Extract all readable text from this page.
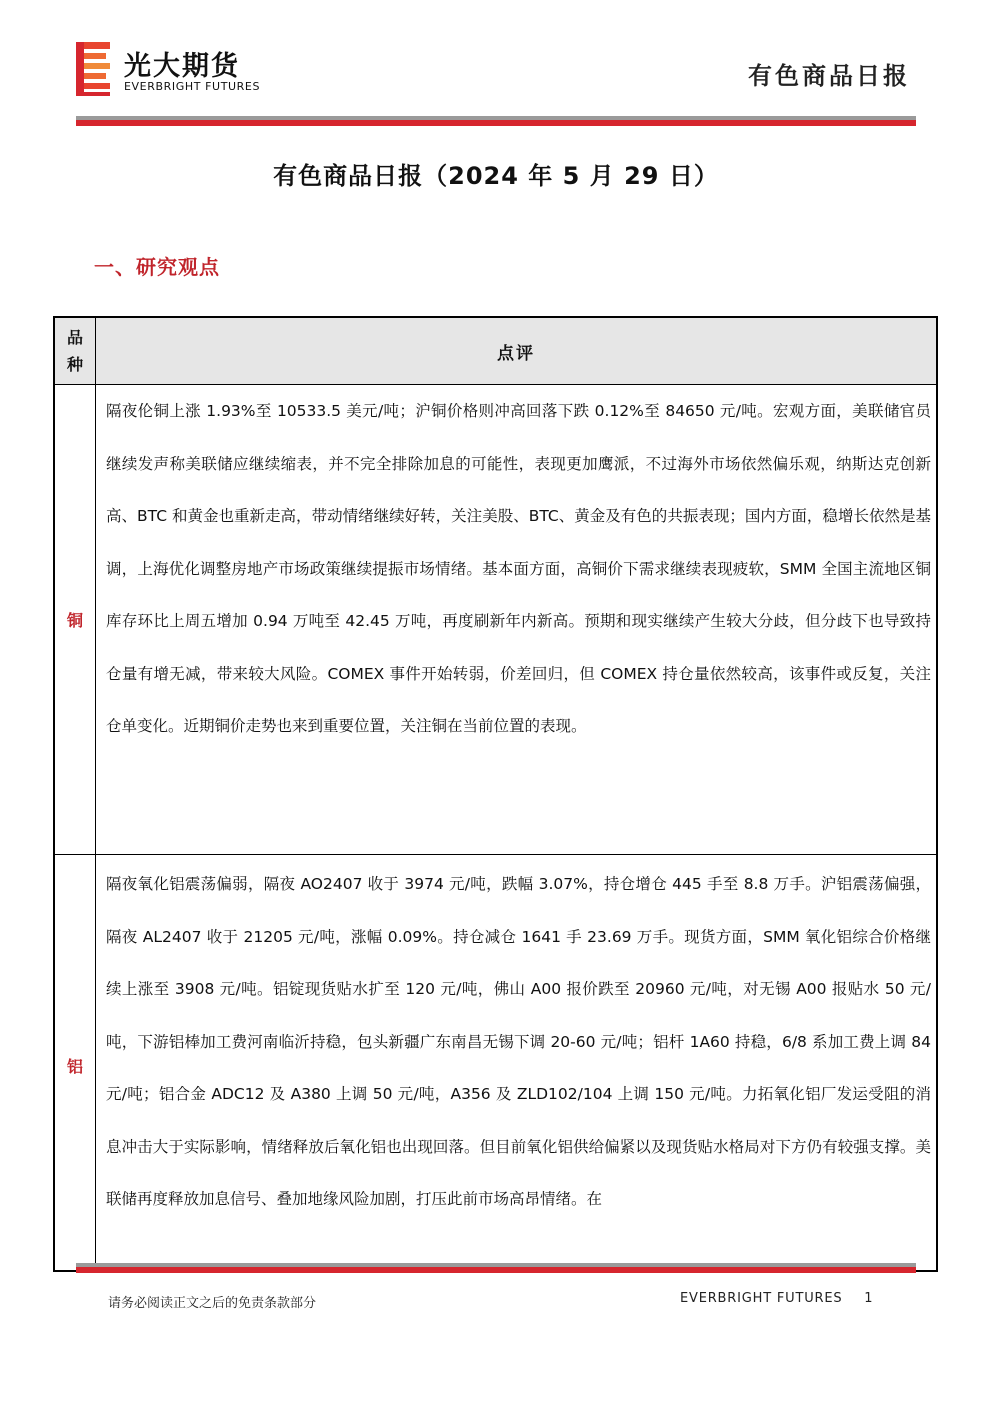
光大期货
EVERBRIGHT FUTURES	有色商品日报
有色商品日报（2024 年 5 月 29 日）
一、研究观点
品
种
点评
铜
隔夜伦铜上涨 1.93%至 10533.5 美元/吨；沪铜价格则冲高回落下跌 0.12%至 84650 元/吨。宏观方面，美联储官员继续发声称美联储应继续缩表，并不完全排除加息的可能性，表现更加鹰派，不过海外市场依然偏乐观，纳斯达克创新高、BTC 和黄金也重新走高，带动情绪继续好转，关注美股、BTC、黄金及有色的共振表现；国内方面，稳增长依然是基调，上海优化调整房地产市场政策继续提振市场情绪。基本面方面，高铜价下需求继续表现疲软，SMM 全国主流地区铜库存环比上周五增加 0.94 万吨至 42.45 万吨，再度刷新年内新高。预期和现实继续产生较大分歧，但分歧下也导致持仓量有增无减，带来较大风险。COMEX 事件开始转弱，价差回归，但 COMEX 持仓量依然较高，该事件或反复，关注仓单变化。近期铜价走势也来到重要位置，关注铜在当前位置的表现。
铝
隔夜氧化铝震荡偏弱，隔夜 AO2407 收于 3974 元/吨，跌幅 3.07%，持仓增仓 445 手至 8.8 万手。沪铝震荡偏强，隔夜 AL2407 收于 21205 元/吨，涨幅 0.09%。持仓减仓 1641 手 23.69 万手。现货方面，SMM 氧化铝综合价格继续上涨至 3908 元/吨。铝锭现货贴水扩至 120 元/吨，佛山 A00 报价跌至 20960 元/吨，对无锡 A00 报贴水 50 元/吨，下游铝棒加工费河南临沂持稳，包头新疆广东南昌无锡下调 20-60 元/吨；铝杆 1A60 持稳，6/8 系加工费上调 84 元/吨；铝合金 ADC12 及 A380 上调 50 元/吨，A356 及 ZLD102/104 上调 150 元/吨。力拓氧化铝厂发运受阻的消息冲击大于实际影响，情绪释放后氧化铝也出现回落。但目前氧化铝供给偏紧以及现货贴水格局对下方仍有较强支撑。美联储再度释放加息信号、叠加地缘风险加剧，打压此前市场高昂情绪。在
请务必阅读正文之后的免责条款部分	EVERBRIGHT FUTURES 1
